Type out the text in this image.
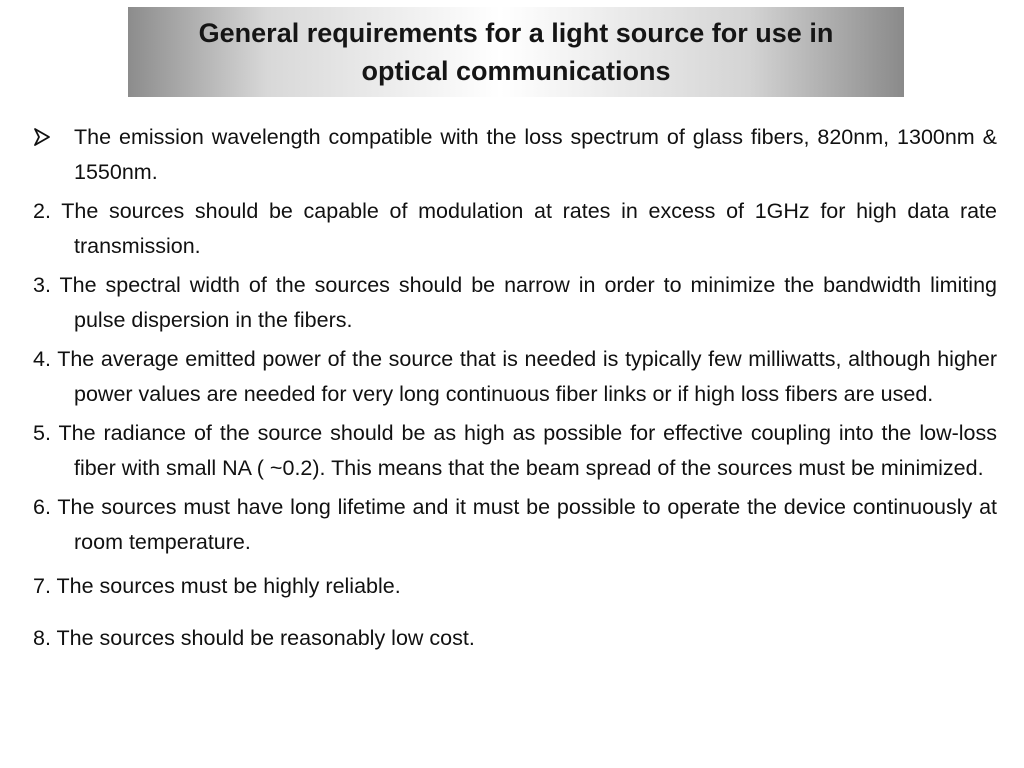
General requirements for a light source for use in
optical communications

The emission wavelength compatible with the loss spectrum of glass fibers, 820nm, 1300nm & 1550nm.

2. The sources should be capable of modulation at rates in excess of 1GHz for high data rate transmission.

3. The spectral width of the sources should be narrow in order to minimize the bandwidth limiting pulse dispersion in the fibers.

4. The average emitted power of the source that is needed is typically few milliwatts, although higher power values are needed for very long continuous fiber links or if high loss fibers are used.

5. The radiance of the source should be as high as possible for effective coupling into the low-loss fiber with small NA ( ~0.2). This means that the beam spread of the sources must be minimized.

6. The sources must have long lifetime and it must be possible to operate the device continuously at room temperature.

7. The sources must be highly reliable.

8. The sources should be reasonably low cost.
